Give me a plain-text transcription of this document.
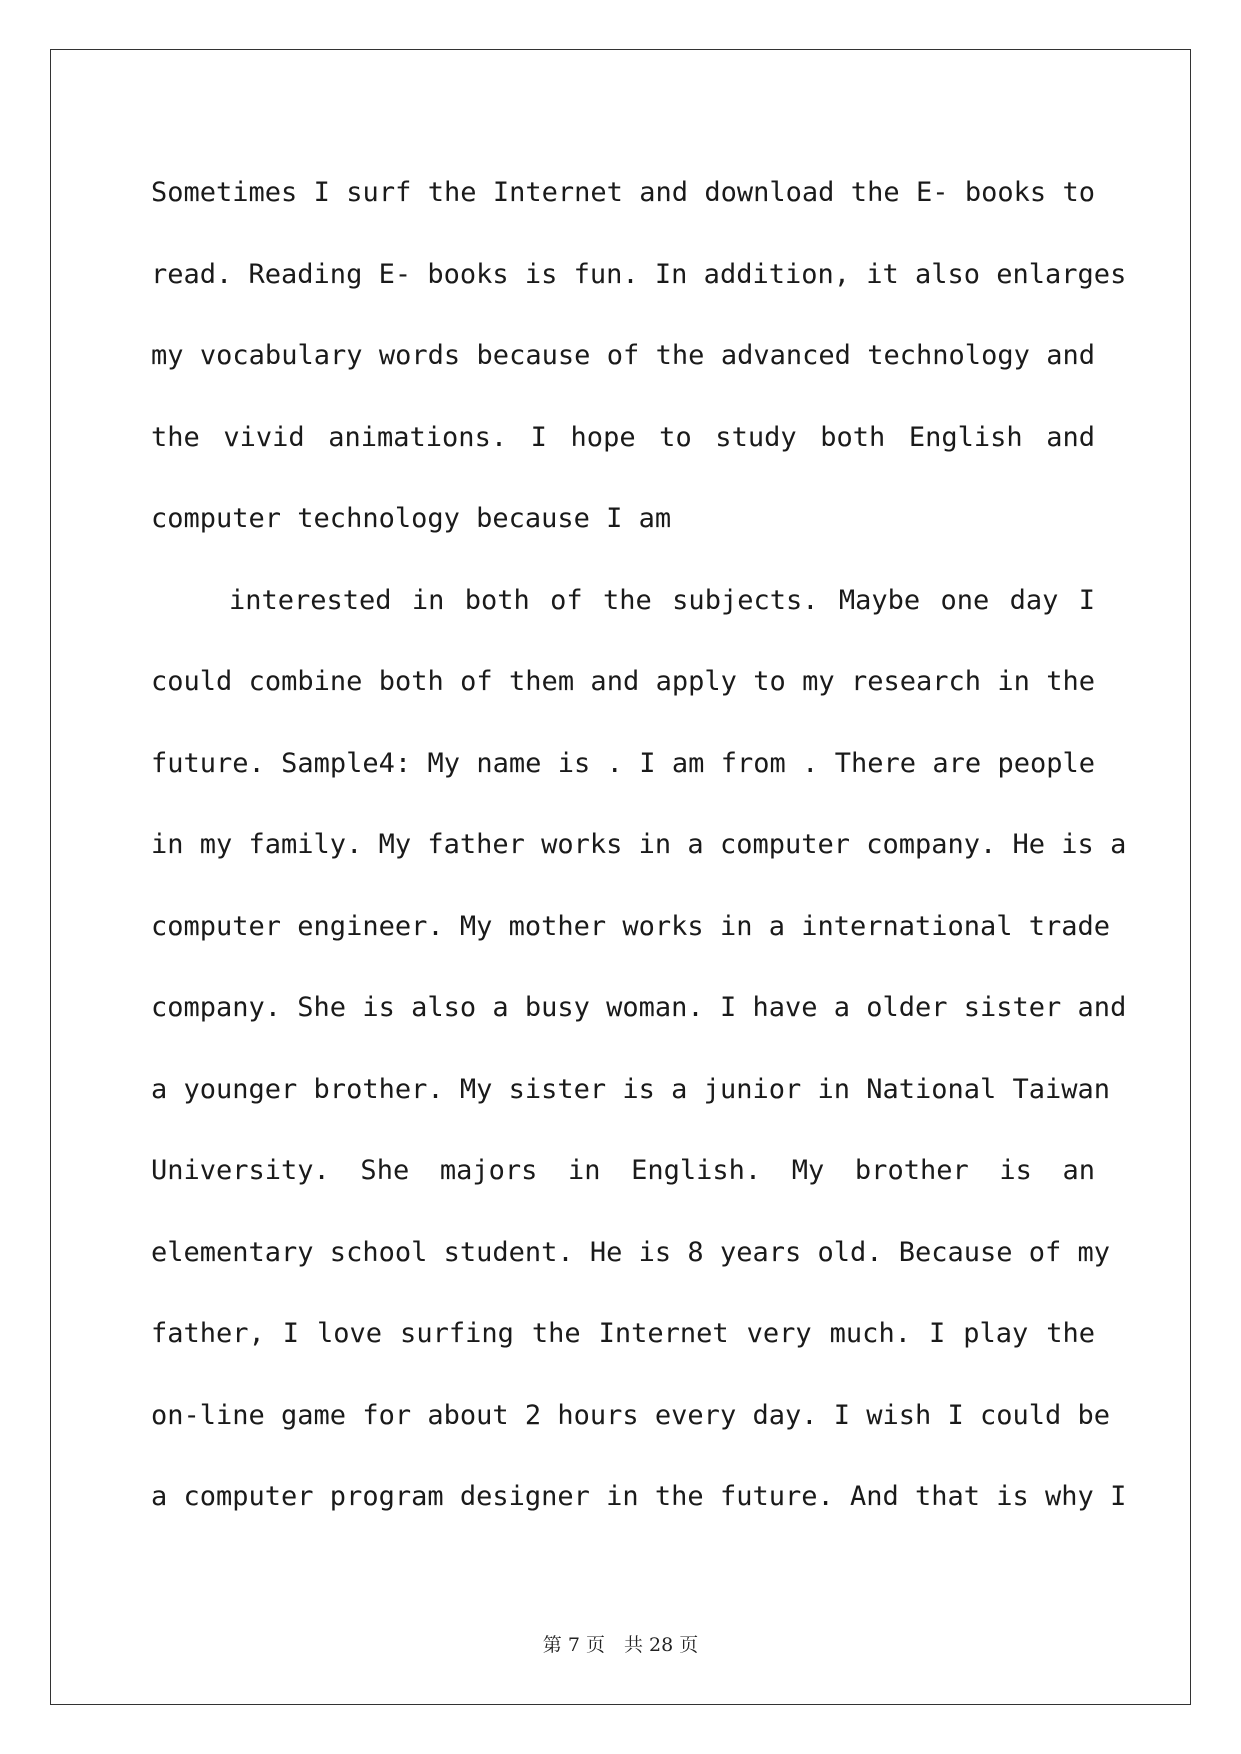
Sometimes I surf the Internet and download the E- books to
read. Reading E- books is fun. In addition, it also enlarges
my vocabulary words because of the advanced technology and
the vivid animations. I hope to study both English and
computer technology because I am
interested in both of the subjects. Maybe one day I
could combine both of them and apply to my research in the
future. Sample4: My name is . I am from . There are people
in my family. My father works in a computer company. He is a
computer engineer. My mother works in a international trade
company. She is also a busy woman. I have a older sister and
a younger brother. My sister is a junior in National Taiwan
University. She majors in English. My brother is an
elementary school student. He is 8 years old. Because of my
father, I love surfing the Internet very much. I play the
on-line game for about 2 hours every day. I wish I could be
a computer program designer in the future. And that is why I
第 7 页　共 28 页
